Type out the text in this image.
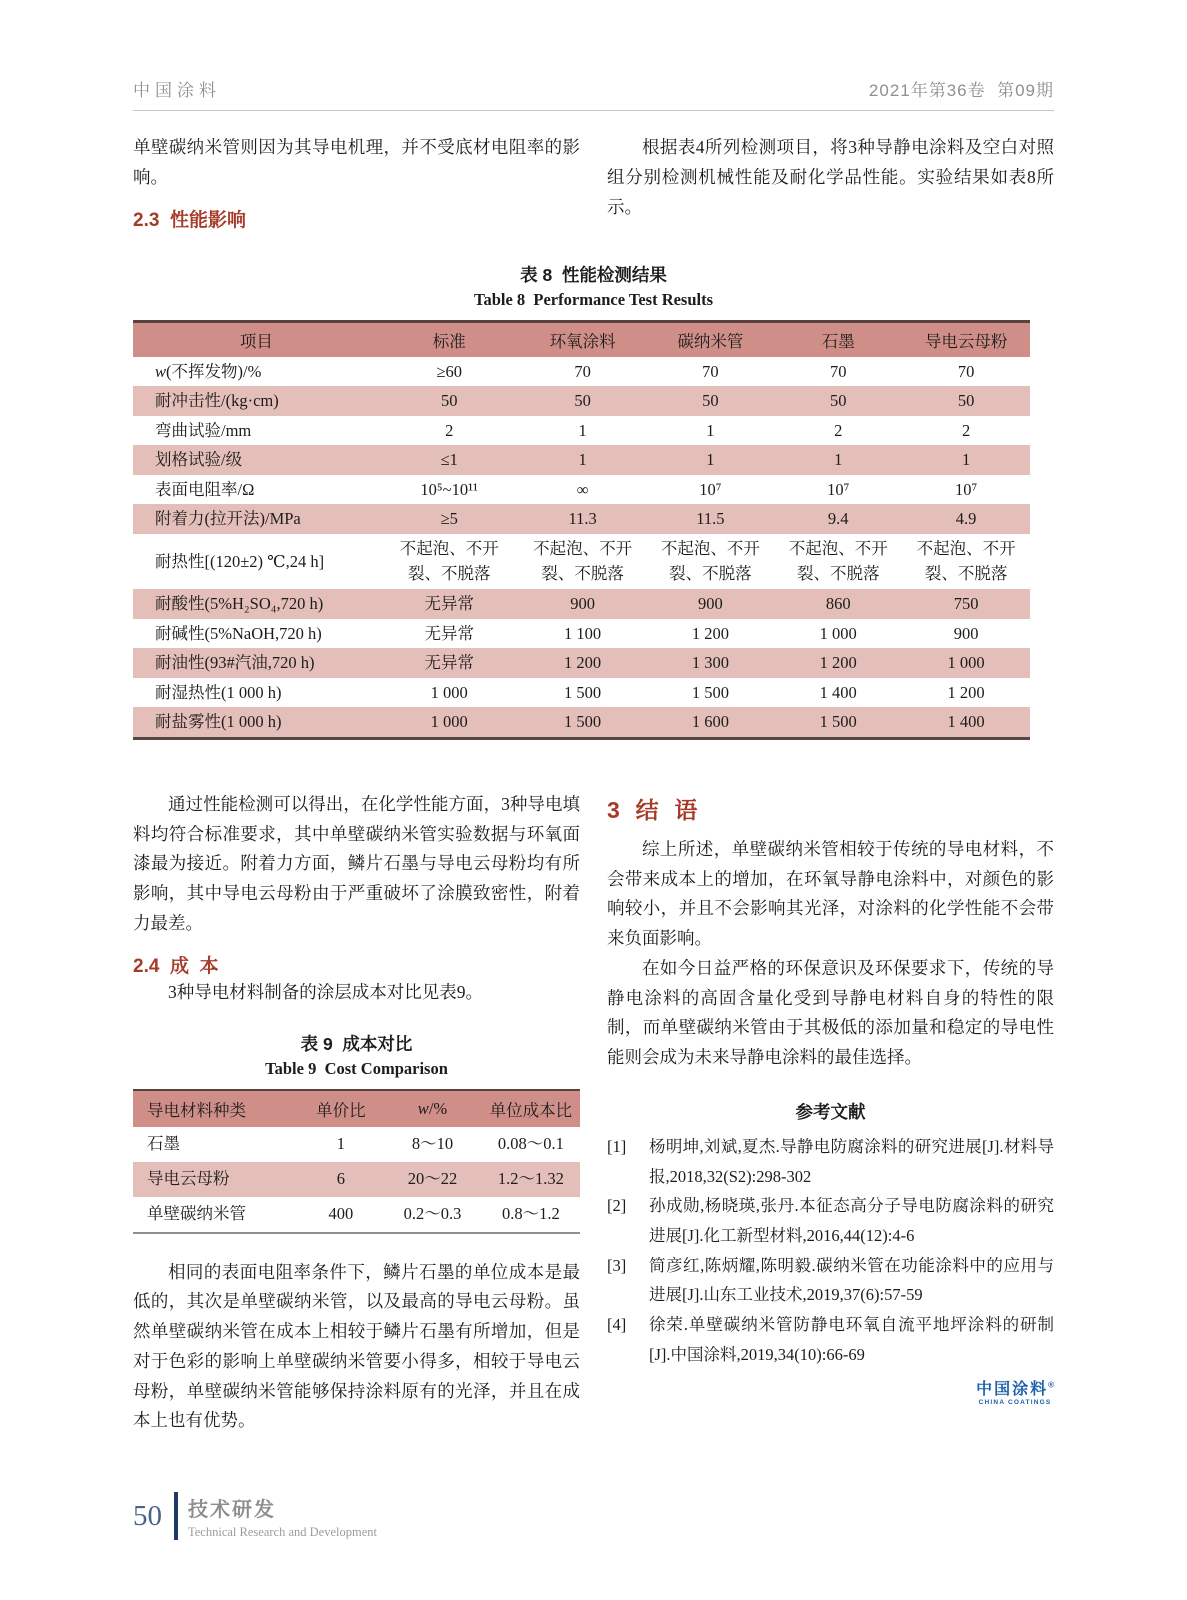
中国涂料	2021年第36卷  第09期

单壁碳纳米管则因为其导电机理，并不受底材电阻率的影响。

2.3  性能影响

根据表4所列检测项目，将3种导静电涂料及空白对照组分别检测机械性能及耐化学品性能。实验结果如表8所示。

表 8  性能检测结果
Table 8  Performance Test Results
项目	标准	环氧涂料	碳纳米管	石墨	导电云母粉
w(不挥发物)/%	≥60	70	70	70	70
耐冲击性/(kg·cm)	50	50	50	50	50
弯曲试验/mm	2	1	1	2	2
划格试验/级	≤1	1	1	1	1
表面电阻率/Ω	10⁵~10¹¹	∞	10⁷	10⁷	10⁷
附着力(拉开法)/MPa	≥5	11.3	11.5	9.4	4.9
耐热性[(120±2) ℃,24 h]	不起泡、不开裂、不脱落	不起泡、不开裂、不脱落	不起泡、不开裂、不脱落	不起泡、不开裂、不脱落	不起泡、不开裂、不脱落
耐酸性(5%H₂SO₄,720 h)	无异常	900	900	860	750
耐碱性(5%NaOH,720 h)	无异常	1 100	1 200	1 000	900
耐油性(93#汽油,720 h)	无异常	1 200	1 300	1 200	1 000
耐湿热性(1 000 h)	1 000	1 500	1 500	1 400	1 200
耐盐雾性(1 000 h)	1 000	1 500	1 600	1 500	1 400

通过性能检测可以得出，在化学性能方面，3种导电填料均符合标准要求，其中单壁碳纳米管实验数据与环氧面漆最为接近。附着力方面，鳞片石墨与导电云母粉均有所影响，其中导电云母粉由于严重破坏了涂膜致密性，附着力最差。

2.4  成  本

3种导电材料制备的涂层成本对比见表9。

表 9  成本对比
Table 9  Cost Comparison
导电材料种类	单价比	w/%	单位成本比
石墨	1	8～10	0.08～0.1
导电云母粉	6	20～22	1.2～1.32
单壁碳纳米管	400	0.2～0.3	0.8～1.2

相同的表面电阻率条件下，鳞片石墨的单位成本是最低的，其次是单壁碳纳米管，以及最高的导电云母粉。虽然单壁碳纳米管在成本上相较于鳞片石墨有所增加，但是对于色彩的影响上单壁碳纳米管要小得多，相较于导电云母粉，单壁碳纳米管能够保持涂料原有的光泽，并且在成本上也有优势。

3  结  语

综上所述，单壁碳纳米管相较于传统的导电材料，不会带来成本上的增加，在环氧导静电涂料中，对颜色的影响较小，并且不会影响其光泽，对涂料的化学性能不会带来负面影响。

在如今日益严格的环保意识及环保要求下，传统的导静电涂料的高固含量化受到导静电材料自身的特性的限制，而单壁碳纳米管由于其极低的添加量和稳定的导电性能则会成为未来导静电涂料的最佳选择。

参考文献
[1]	杨明坤,刘斌,夏杰.导静电防腐涂料的研究进展[J].材料导报,2018,32(S2):298-302
[2]	孙成勋,杨晓瑛,张丹.本征态高分子导电防腐涂料的研究进展[J].化工新型材料,2016,44(12):4-6
[3]	简彦红,陈炳耀,陈明毅.碳纳米管在功能涂料中的应用与进展[J].山东工业技术,2019,37(6):57-59
[4]	徐荣.单壁碳纳米管防静电环氧自流平地坪涂料的研制[J].中国涂料,2019,34(10):66-69
中国涂料®
CHINA COATINGS
50 技术研发
Technical Research and Development
